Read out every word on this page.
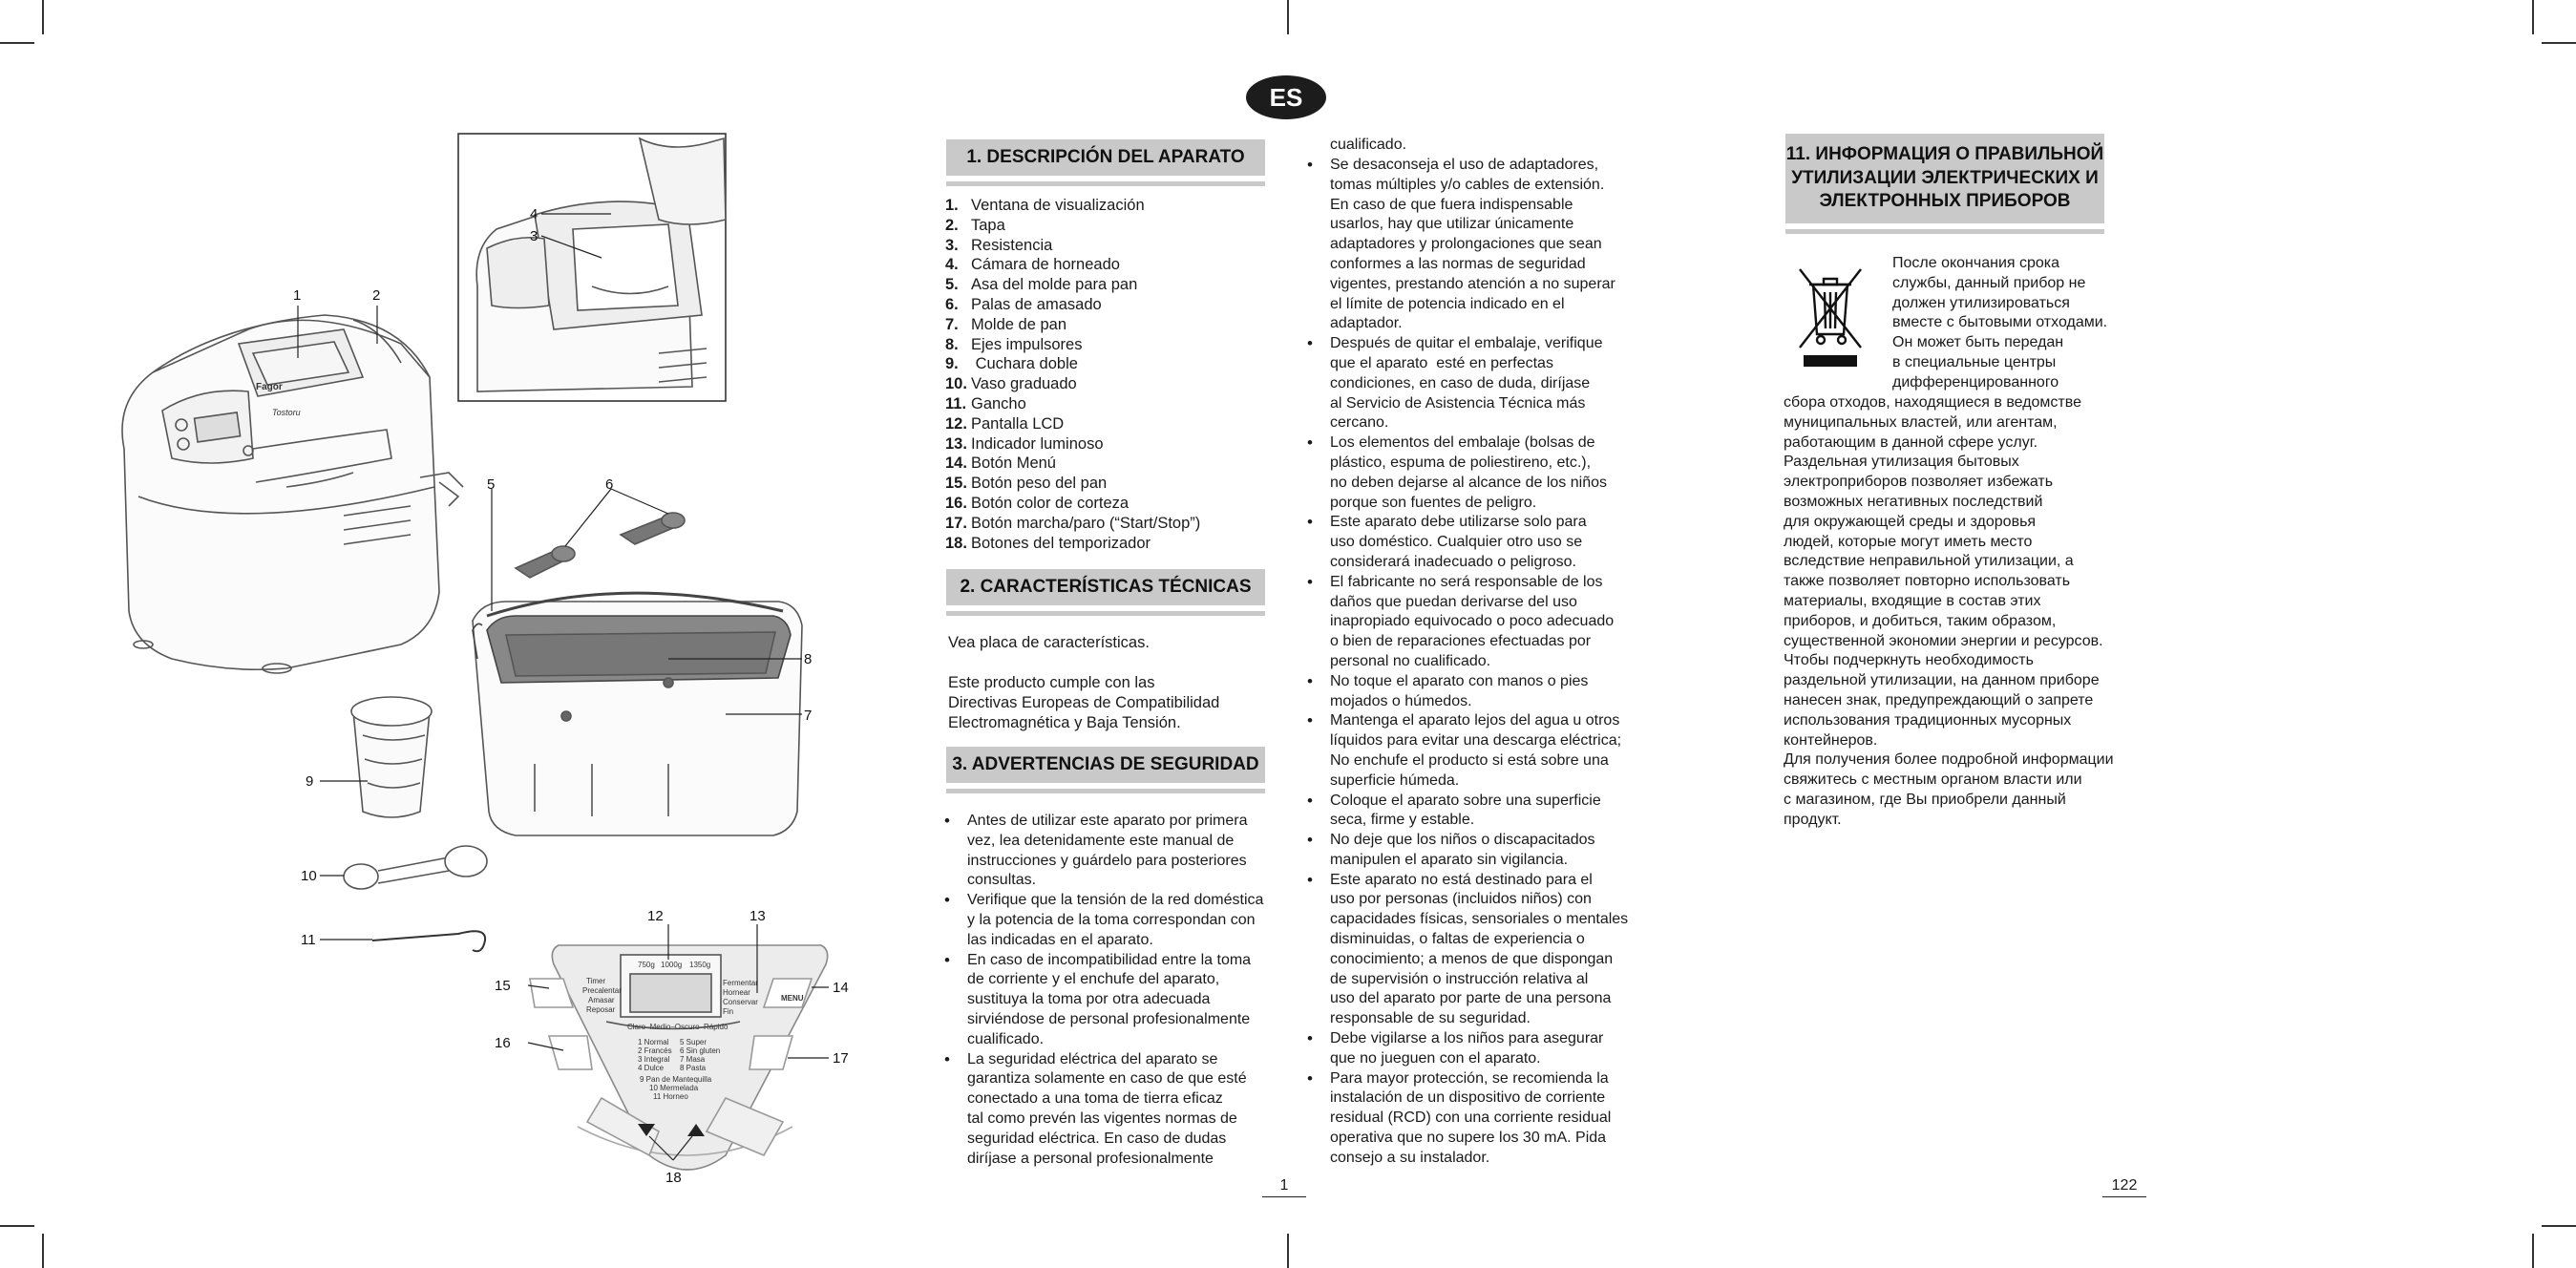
ES
750g 1000g 1350g
Timer
Precalentar
Amasar
Reposar
Fermentar
Hornear
Conservar
Fin
Claro–Medio–Oscuro–Rápido
1 Normal
2 Francés
3 Integral
4 Dulce
5 Super
6 Sin gluten
7 Masa
8 Pasta
9 Pan de Mantequilla
10 Mermelada
11 Horneo
MENU
Fagor
Tostoru
1	2
3
4
5	6
7
8
9
10
11
12	13
14
15
16
17
18
1. DESCRIPCIÓN DEL APARATO
1. Ventana de visualización
2. Tapa
3. Resistencia
4. Cámara de horneado
5. Asa del molde para pan
6. Palas de amasado
7. Molde de pan
8. Ejes impulsores
9. Cuchara doble
10. Vaso graduado
11. Gancho
12. Pantalla LCD
13. Indicador luminoso
14. Botón Menú
15. Botón peso del pan
16. Botón color de corteza
17. Botón marcha/paro (“Start/Stop”)
18. Botones del temporizador
2. CARACTERÍSTICAS TÉCNICAS

Vea placa de características.

Este producto cumple con las
Directivas Europeas de Compatibilidad
Electromagnética y Baja Tensión.

3. ADVERTENCIAS DE SEGURIDAD
• Antes de utilizar este aparato por primera
vez, lea detenidamente este manual de
instrucciones y guárdelo para posteriores
consultas.
• Verifique que la tensión de la red doméstica
y la potencia de la toma correspondan con
las indicadas en el aparato.
• En caso de incompatibilidad entre la toma
de corriente y el enchufe del aparato,
sustituya la toma por otra adecuada
sirviéndose de personal profesionalmente
cualificado.
• La seguridad eléctrica del aparato se
garantiza solamente en caso de que esté
conectado a una toma de tierra eficaz
tal como prevén las vigentes normas de
seguridad eléctrica. En caso de dudas
diríjase a personal profesionalmente

cualificado.

• Se desaconseja el uso de adaptadores,
tomas múltiples y/o cables de extensión.
En caso de que fuera indispensable
usarlos, hay que utilizar únicamente
adaptadores y prolongaciones que sean
conformes a las normas de seguridad
vigentes, prestando atención a no superar
el límite de potencia indicado en el
adaptador.
• Después de quitar el embalaje, verifique
que el aparato  esté en perfectas
condiciones, en caso de duda, diríjase
al Servicio de Asistencia Técnica más
cercano.
• Los elementos del embalaje (bolsas de
plástico, espuma de poliestireno, etc.),
no deben dejarse al alcance de los niños
porque son fuentes de peligro.
• Este aparato debe utilizarse solo para
uso doméstico. Cualquier otro uso se
considerará inadecuado o peligroso.
• El fabricante no será responsable de los
daños que puedan derivarse del uso
inapropiado equivocado o poco adecuado
o bien de reparaciones efectuadas por
personal no cualificado.
• No toque el aparato con manos o pies
mojados o húmedos.
• Mantenga el aparato lejos del agua u otros
líquidos para evitar una descarga eléctrica;
No enchufe el producto si está sobre una
superficie húmeda.
• Coloque el aparato sobre una superficie
seca, firme y estable.
• No deje que los niños o discapacitados
manipulen el aparato sin vigilancia.
• Este aparato no está destinado para el
uso por personas (incluidos niños) con
capacidades físicas, sensoriales o mentales
disminuidas, o faltas de experiencia o
conocimiento; a menos de que dispongan
de supervisión o instrucción relativa al
uso del aparato por parte de una persona
responsable de su seguridad.
• Debe vigilarse a los niños para asegurar
que no jueguen con el aparato.
• Para mayor protección, se recomienda la
instalación de un dispositivo de corriente
residual (RCD) con una corriente residual
operativa que no supere los 30 mA. Pida
consejo a su instalador.
1
11. ИНФОРМАЦИЯ О ПРАВИЛЬНОЙ
УТИЛИЗАЦИИ ЭЛЕКТРИЧЕСКИХ И
ЭЛЕКТРОННЫХ ПРИБОРОВ

После окончания срока
службы, данный прибор не
должен утилизироваться
вместе с бытовыми отходами.
Он может быть передан
в специальные центры
дифференцированного

сбора отходов, находящиеся в ведомстве
муниципальных властей, или агентам,
работающим в данной сфере услуг.
Раздельная утилизация бытовых
электроприборов позволяет избежать
возможных негативных последствий
для окружающей среды и здоровья
людей, которые могут иметь место
вследствие неправильной утилизации, а
также позволяет повторно использовать
материалы, входящие в состав этих
приборов, и добиться, таким образом,
существенной экономии энергии и ресурсов.
Чтобы подчеркнуть необходимость
раздельной утилизации, на данном приборе
нанесен знак, предупреждающий о запрете
использования традиционных мусорных
контейнеров.
Для получения более подробной информации
свяжитесь с местным органом власти или
с магазином, где Вы приобрели данный
продукт.

122
